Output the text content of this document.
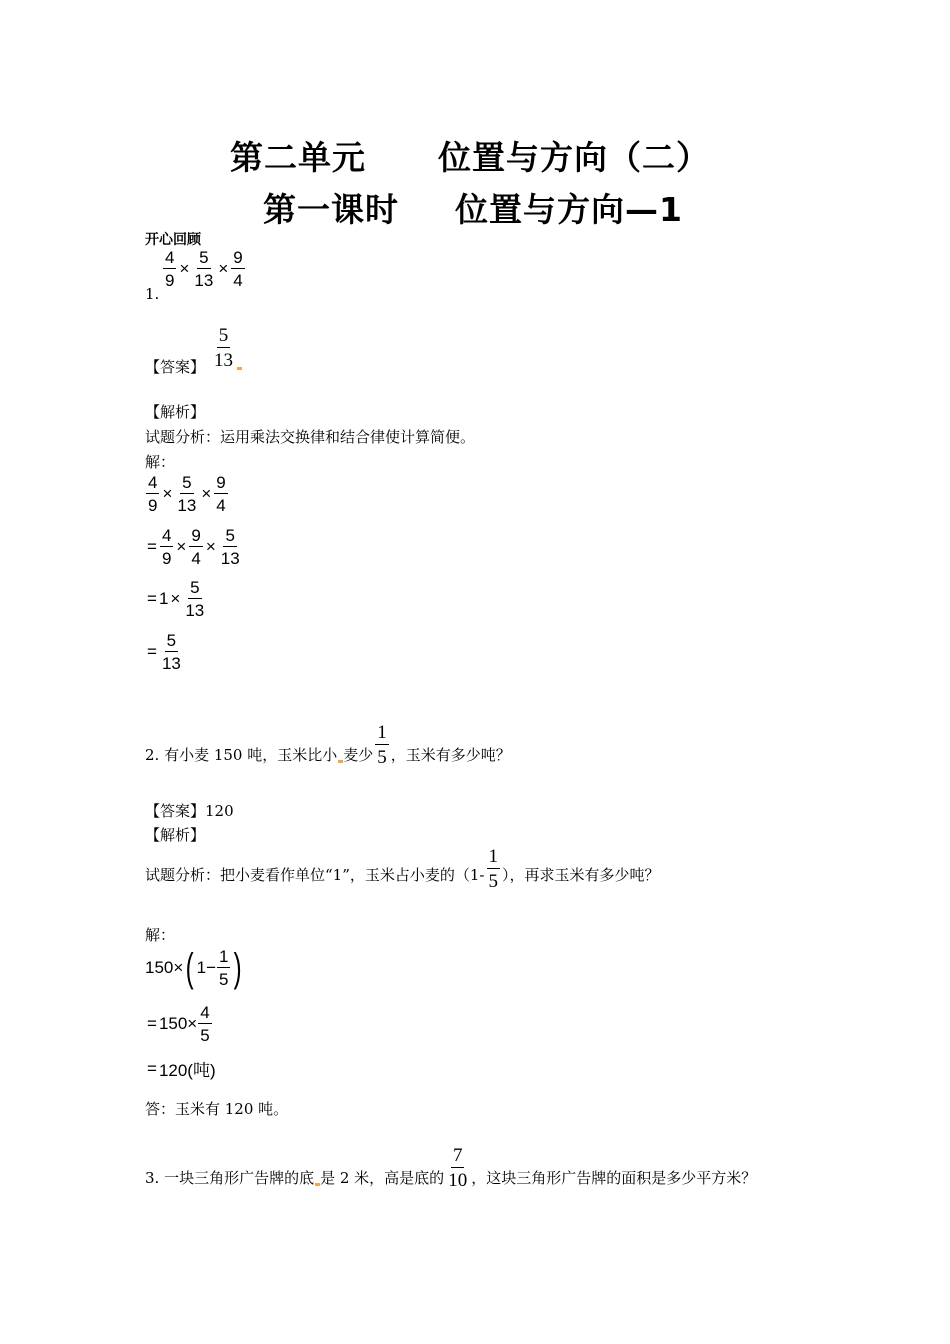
第二单元 位置与方向（二）
第一课时 位置与方向—1
开心回顾
$\frac{4}{9} \times \frac{5}{13} \times \frac{9}{4}$
1.
【答案】 $\frac{5}{13}$
【解析】
试题分析：运用乘法交换律和结合律使计算简便。
解：
$\frac{4}{9} \times \frac{5}{13} \times \frac{9}{4}$
= $\frac{4}{9} \times \frac{9}{4} \times \frac{5}{13}$
= $1 \times \frac{5}{13}$
= $\frac{5}{13}$
2. 有小麦 150 吨，玉米比小 麦少 $\frac{1}{5}$ ，玉米有多少吨？
【答案】120
【解析】
试题分析：把小麦看作单位“1”，玉米占小麦的（$1- \frac{1}{5}$ ），再求玉米有多少吨？
解：
150× ( $1- \frac{1}{5}$ )
= $150\times \frac{4}{5}$
= 120(吨)
答：玉米有 120 吨。
3. 一块三角形广告牌的底 是 2 米，高是底的 $\frac{7}{10}$ ，这块三角形广告牌的面积是多少平方米？
